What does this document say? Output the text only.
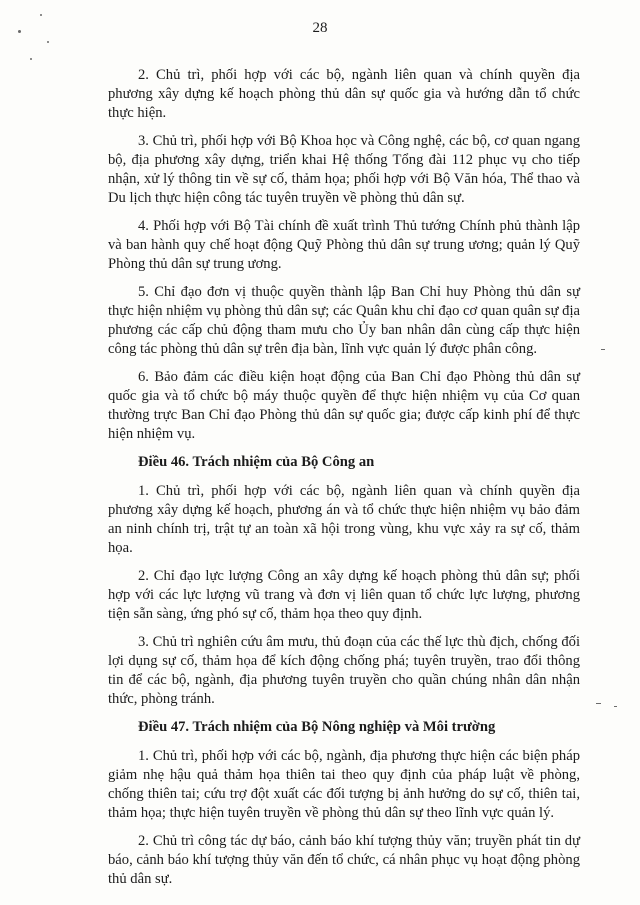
28

2. Chủ trì, phối hợp với các bộ, ngành liên quan và chính quyền địa phương xây dựng kế hoạch phòng thủ dân sự quốc gia và hướng dẫn tổ chức thực hiện.

3. Chủ trì, phối hợp với Bộ Khoa học và Công nghệ, các bộ, cơ quan ngang bộ, địa phương xây dựng, triển khai Hệ thống Tổng đài 112 phục vụ cho tiếp nhận, xử lý thông tin về sự cố, thảm họa; phối hợp với Bộ Văn hóa, Thể thao và Du lịch thực hiện công tác tuyên truyền về phòng thủ dân sự.

4. Phối hợp với Bộ Tài chính đề xuất trình Thủ tướng Chính phủ thành lập và ban hành quy chế hoạt động Quỹ Phòng thủ dân sự trung ương; quản lý Quỹ Phòng thủ dân sự trung ương.

5. Chỉ đạo đơn vị thuộc quyền thành lập Ban Chỉ huy Phòng thủ dân sự thực hiện nhiệm vụ phòng thủ dân sự; các Quân khu chỉ đạo cơ quan quân sự địa phương các cấp chủ động tham mưu cho Ủy ban nhân dân cùng cấp thực hiện công tác phòng thủ dân sự trên địa bàn, lĩnh vực quản lý được phân công.

6. Bảo đảm các điều kiện hoạt động của Ban Chỉ đạo Phòng thủ dân sự quốc gia và tổ chức bộ máy thuộc quyền để thực hiện nhiệm vụ của Cơ quan thường trực Ban Chỉ đạo Phòng thủ dân sự quốc gia; được cấp kinh phí để thực hiện nhiệm vụ.

Điều 46. Trách nhiệm của Bộ Công an

1. Chủ trì, phối hợp với các bộ, ngành liên quan và chính quyền địa phương xây dựng kế hoạch, phương án và tổ chức thực hiện nhiệm vụ bảo đảm an ninh chính trị, trật tự an toàn xã hội trong vùng, khu vực xảy ra sự cố, thảm họa.

2. Chỉ đạo lực lượng Công an xây dựng kế hoạch phòng thủ dân sự; phối hợp với các lực lượng vũ trang và đơn vị liên quan tổ chức lực lượng, phương tiện sẵn sàng, ứng phó sự cố, thảm họa theo quy định.

3. Chủ trì nghiên cứu âm mưu, thủ đoạn của các thế lực thù địch, chống đối lợi dụng sự cố, thảm họa để kích động chống phá; tuyên truyền, trao đổi thông tin để các bộ, ngành, địa phương tuyên truyền cho quần chúng nhân dân nhận thức, phòng tránh.

Điều 47. Trách nhiệm của Bộ Nông nghiệp và Môi trường

1. Chủ trì, phối hợp với các bộ, ngành, địa phương thực hiện các biện pháp giảm nhẹ hậu quả thảm họa thiên tai theo quy định của pháp luật về phòng, chống thiên tai; cứu trợ đột xuất các đối tượng bị ảnh hưởng do sự cố, thiên tai, thảm họa; thực hiện tuyên truyền về phòng thủ dân sự theo lĩnh vực quản lý.

2. Chủ trì công tác dự báo, cảnh báo khí tượng thủy văn; truyền phát tin dự báo, cảnh báo khí tượng thủy văn đến tổ chức, cá nhân phục vụ hoạt động phòng thủ dân sự.
